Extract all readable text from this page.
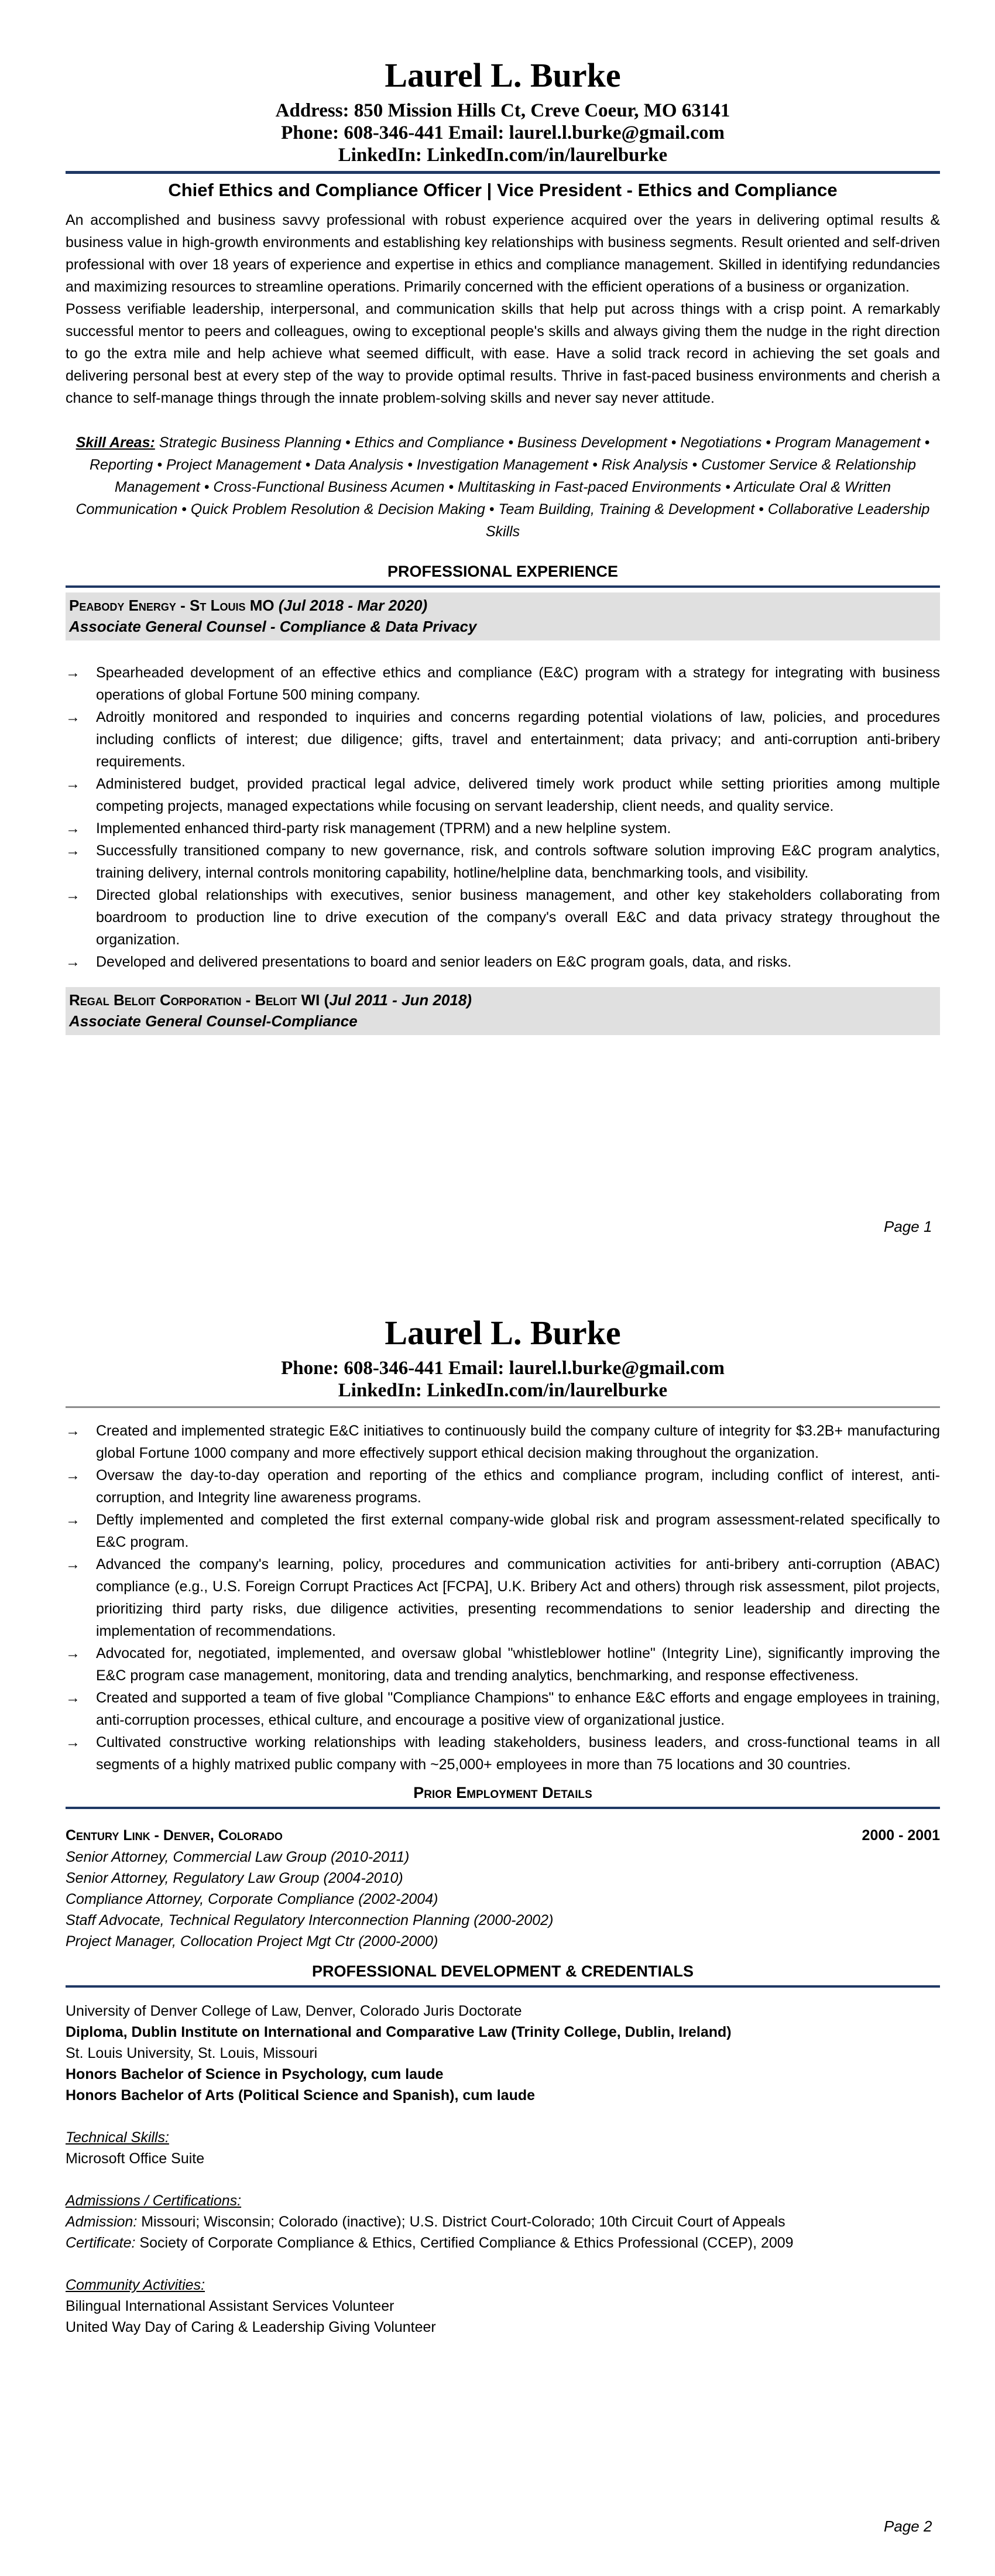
Laurel L. Burke
Address: 850 Mission Hills Ct, Creve Coeur, MO 63141
Phone: 608-346-441 Email: laurel.l.burke@gmail.com
LinkedIn: LinkedIn.com/in/laurelburke
Chief Ethics and Compliance Officer | Vice President - Ethics and Compliance

An accomplished and business savvy professional with robust experience acquired over the years in delivering optimal results & business value in high-growth environments and establishing key relationships with business segments. Result oriented and self-driven professional with over 18 years of experience and expertise in ethics and compliance management. Skilled in identifying redundancies and maximizing resources to streamline operations. Primarily concerned with the efficient operations of a business or organization.

Possess verifiable leadership, interpersonal, and communication skills that help put across things with a crisp point. A remarkably successful mentor to peers and colleagues, owing to exceptional people's skills and always giving them the nudge in the right direction to go the extra mile and help achieve what seemed difficult, with ease. Have a solid track record in achieving the set goals and delivering personal best at every step of the way to provide optimal results. Thrive in fast-paced business environments and cherish a chance to self-manage things through the innate problem-solving skills and never say never attitude.

Skill Areas: Strategic Business Planning • Ethics and Compliance • Business Development • Negotiations • Program Management • Reporting • Project Management • Data Analysis • Investigation Management • Risk Analysis • Customer Service & Relationship Management • Cross-Functional Business Acumen • Multitasking in Fast-paced Environments • Articulate Oral & Written Communication • Quick Problem Resolution & Decision Making • Team Building, Training & Development • Collaborative Leadership Skills
PROFESSIONAL EXPERIENCE
Peabody Energy - St Louis MO (Jul 2018 - Mar 2020)
Associate General Counsel - Compliance & Data Privacy
→ Spearheaded development of an effective ethics and compliance (E&C) program with a strategy for integrating with business operations of global Fortune 500 mining company.
→ Adroitly monitored and responded to inquiries and concerns regarding potential violations of law, policies, and procedures including conflicts of interest; due diligence; gifts, travel and entertainment; data privacy; and anti-corruption anti-bribery requirements.
→ Administered budget, provided practical legal advice, delivered timely work product while setting priorities among multiple competing projects, managed expectations while focusing on servant leadership, client needs, and quality service.
→ Implemented enhanced third-party risk management (TPRM) and a new helpline system.
→ Successfully transitioned company to new governance, risk, and controls software solution improving E&C program analytics, training delivery, internal controls monitoring capability, hotline/helpline data, benchmarking tools, and visibility.
→ Directed global relationships with executives, senior business management, and other key stakeholders collaborating from boardroom to production line to drive execution of the company's overall E&C and data privacy strategy throughout the organization.
→ Developed and delivered presentations to board and senior leaders on E&C program goals, data, and risks.
Regal Beloit Corporation - Beloit WI (Jul 2011 - Jun 2018)
Associate General Counsel-Compliance
Page 1
Laurel L. Burke
Phone: 608-346-441 Email: laurel.l.burke@gmail.com
LinkedIn: LinkedIn.com/in/laurelburke
→ Created and implemented strategic E&C initiatives to continuously build the company culture of integrity for $3.2B+ manufacturing global Fortune 1000 company and more effectively support ethical decision making throughout the organization.
→ Oversaw the day-to-day operation and reporting of the ethics and compliance program, including conflict of interest, anti-corruption, and Integrity line awareness programs.
→ Deftly implemented and completed the first external company-wide global risk and program assessment-related specifically to E&C program.
→ Advanced the company's learning, policy, procedures and communication activities for anti-bribery anti-corruption (ABAC) compliance (e.g., U.S. Foreign Corrupt Practices Act [FCPA], U.K. Bribery Act and others) through risk assessment, pilot projects, prioritizing third party risks, due diligence activities, presenting recommendations to senior leadership and directing the implementation of recommendations.
→ Advocated for, negotiated, implemented, and oversaw global "whistleblower hotline" (Integrity Line), significantly improving the E&C program case management, monitoring, data and trending analytics, benchmarking, and response effectiveness.
→ Created and supported a team of five global "Compliance Champions" to enhance E&C efforts and engage employees in training, anti-corruption processes, ethical culture, and encourage a positive view of organizational justice.
→ Cultivated constructive working relationships with leading stakeholders, business leaders, and cross-functional teams in all segments of a highly matrixed public company with ~25,000+ employees in more than 75 locations and 30 countries.
Prior Employment Details
Century Link - Denver, Colorado	2000 - 2001
Senior Attorney, Commercial Law Group (2010-2011)
Senior Attorney, Regulatory Law Group (2004-2010)
Compliance Attorney, Corporate Compliance (2002-2004)
Staff Advocate, Technical Regulatory Interconnection Planning (2000-2002)
Project Manager, Collocation Project Mgt Ctr (2000-2000)
PROFESSIONAL DEVELOPMENT & CREDENTIALS
University of Denver College of Law, Denver, Colorado Juris Doctorate
Diploma, Dublin Institute on International and Comparative Law (Trinity College, Dublin, Ireland)
St. Louis University, St. Louis, Missouri
Honors Bachelor of Science in Psychology, cum laude
Honors Bachelor of Arts (Political Science and Spanish), cum laude
Technical Skills:
Microsoft Office Suite
Admissions / Certifications:
Admission: Missouri; Wisconsin; Colorado (inactive); U.S. District Court-Colorado; 10th Circuit Court of Appeals
Certificate: Society of Corporate Compliance & Ethics, Certified Compliance & Ethics Professional (CCEP), 2009
Community Activities:
Bilingual International Assistant Services Volunteer
United Way Day of Caring & Leadership Giving Volunteer
Page 2
